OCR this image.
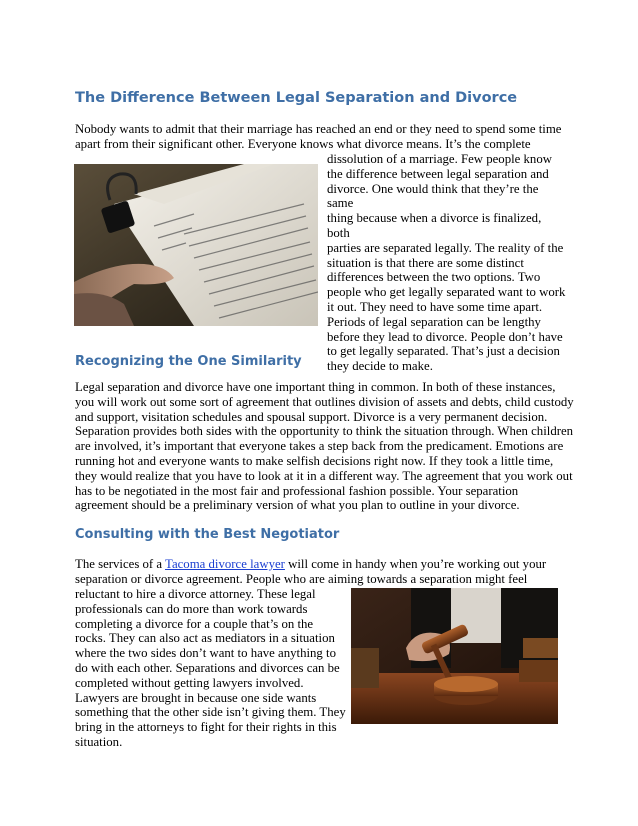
The Difference Between Legal Separation and Divorce
Nobody wants to admit that their marriage has reached an end or they need to spend some time
apart from their significant other. Everyone knows what divorce means. It’s the complete
dissolution of a marriage. Few people know
the difference between legal separation and
divorce. One would think that they’re the same
thing because when a divorce is finalized, both
parties are separated legally. The reality of the
situation is that there are some distinct
differences between the two options. Two
people who get legally separated want to work
it out. They need to have some time apart.
Periods of legal separation can be lengthy
before they lead to divorce. People don’t have
to get legally separated. That’s just a decision
they decide to make.
Recognizing the One Similarity
Legal separation and divorce have one important thing in common. In both of these instances,
you will work out some sort of agreement that outlines division of assets and debts, child custody
and support, visitation schedules and spousal support. Divorce is a very permanent decision.
Separation provides both sides with the opportunity to think the situation through. When children
are involved, it’s important that everyone takes a step back from the predicament. Emotions are
running hot and everyone wants to make selfish decisions right now. If they took a little time,
they would realize that you have to look at it in a different way. The agreement that you work out
has to be negotiated in the most fair and professional fashion possible. Your separation
agreement should be a preliminary version of what you plan to outline in your divorce.
Consulting with the Best Negotiator
The services of a Tacoma divorce lawyer will come in handy when you’re working out your
separation or divorce agreement. People who are aiming towards a separation might feel
reluctant to hire a divorce attorney. These legal
professionals can do more than work towards
completing a divorce for a couple that’s on the
rocks. They can also act as mediators in a situation
where the two sides don’t want to have anything to
do with each other. Separations and divorces can be
completed without getting lawyers involved.
Lawyers are brought in because one side wants
something that the other side isn’t giving them. They
bring in the attorneys to fight for their rights in this
situation.
